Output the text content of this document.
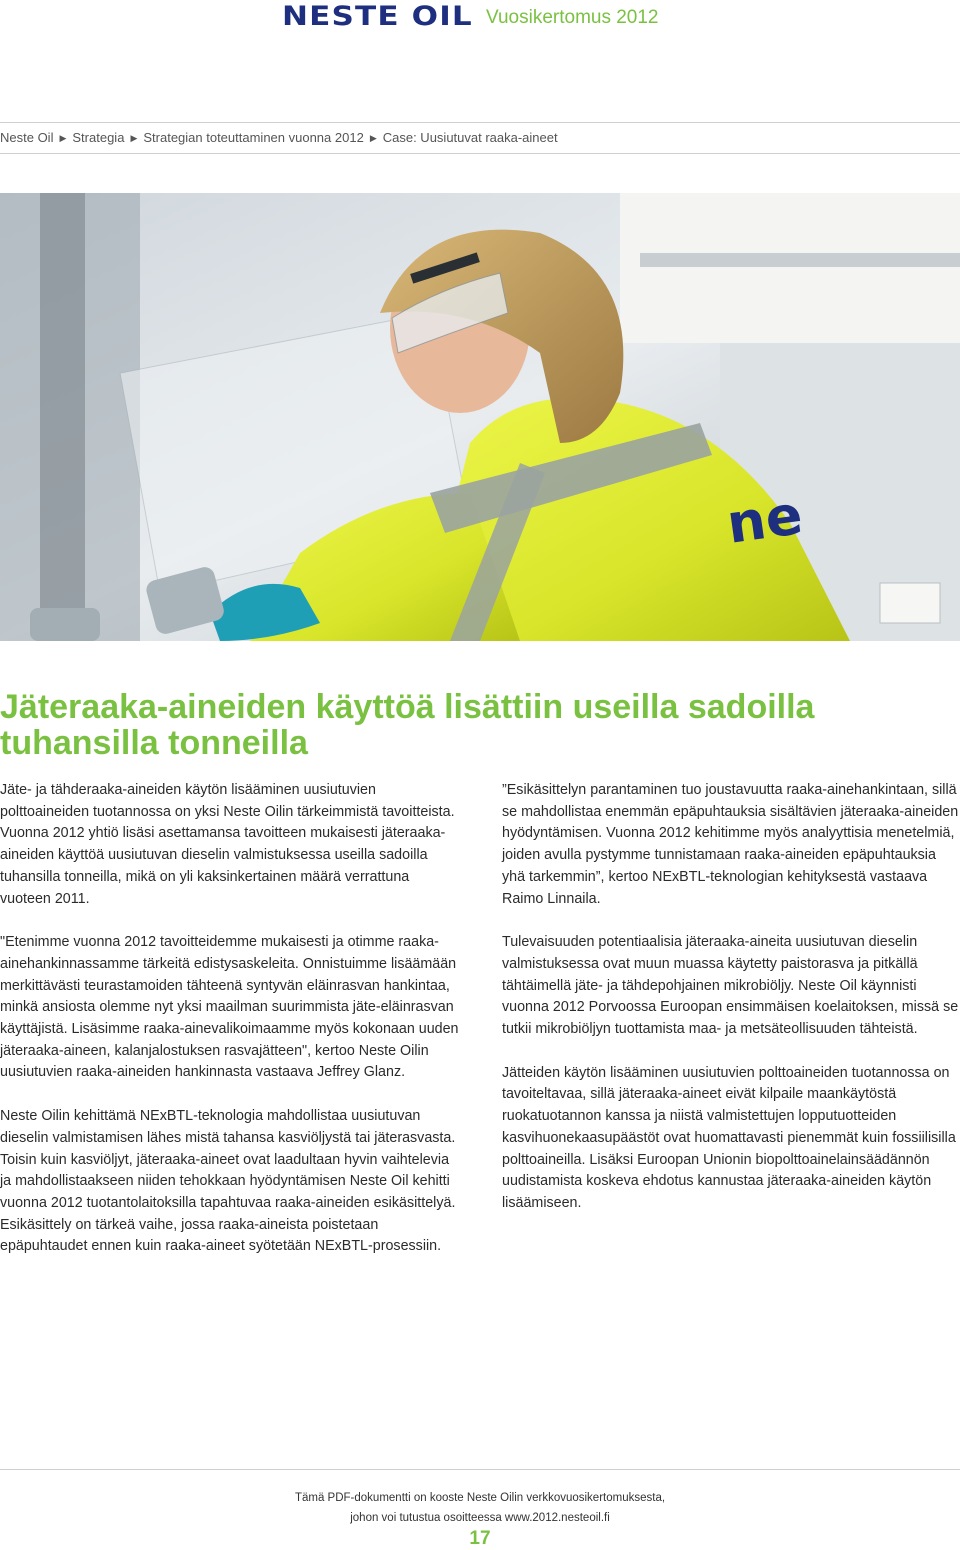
NESTE OIL Vuosikertomus 2012
Neste Oil ▶ Strategia ▶ Strategian toteuttaminen vuonna 2012 ▶ Case: Uusiutuvat raaka-aineet
ne
Jäteraaka-aineiden käyttöä lisättiin useilla sadoilla
tuhansilla tonneilla

Jäte- ja tähderaaka-aineiden käytön lisääminen uusiutuvien polttoaineiden tuotannossa on yksi Neste Oilin tärkeimmistä tavoitteista. Vuonna 2012 yhtiö lisäsi asettamansa tavoitteen mukaisesti jäteraaka-aineiden käyttöä uusiutuvan dieselin valmistuksessa useilla sadoilla tuhansilla tonneilla, mikä on yli kaksinkertainen määrä verrattuna vuoteen 2011.

"Etenimme vuonna 2012 tavoitteidemme mukaisesti ja otimme raaka-ainehankinnassamme tärkeitä edistysaskeleita. Onnistuimme lisäämään merkittävästi teurastamoiden tähteenä syntyvän eläinrasvan hankintaa, minkä ansiosta olemme nyt yksi maailman suurimmista jäte-eläinrasvan käyttäjistä. Lisäsimme raaka-ainevalikoimaamme myös kokonaan uuden jäteraaka-aineen, kalanjalostuksen rasvajätteen", kertoo Neste Oilin uusiutuvien raaka-aineiden hankinnasta vastaava Jeffrey Glanz.

Neste Oilin kehittämä NExBTL-teknologia mahdollistaa uusiutuvan dieselin valmistamisen lähes mistä tahansa kasviöljystä tai jäterasvasta. Toisin kuin kasviöljyt, jäteraaka-aineet ovat laadultaan hyvin vaihtelevia ja mahdollistaakseen niiden tehokkaan hyödyntämisen Neste Oil kehitti vuonna 2012 tuotantolaitoksilla tapahtuvaa raaka-aineiden esikäsittelyä. Esikäsittely on tärkeä vaihe, jossa raaka-aineista poistetaan epäpuhtaudet ennen kuin raaka-aineet syötetään NExBTL-prosessiin.

”Esikäsittelyn parantaminen tuo joustavuutta raaka-ainehankintaan, sillä se mahdollistaa enemmän epäpuhtauksia sisältävien jäteraaka-aineiden hyödyntämisen. Vuonna 2012 kehitimme myös analyyttisia menetelmiä, joiden avulla pystymme tunnistamaan raaka-aineiden epäpuhtauksia yhä tarkemmin”, kertoo NExBTL-teknologian kehityksestä vastaava Raimo Linnaila.

Tulevaisuuden potentiaalisia jäteraaka-aineita uusiutuvan dieselin valmistuksessa ovat muun muassa käytetty paistorasva ja pitkällä tähtäimellä jäte- ja tähdepohjainen mikrobiöljy. Neste Oil käynnisti vuonna 2012 Porvoossa Euroopan ensimmäisen koelaitoksen, missä se tutkii mikrobiöljyn tuottamista maa- ja metsäteollisuuden tähteistä.

Jätteiden käytön lisääminen uusiutuvien polttoaineiden tuotannossa on tavoiteltavaa, sillä jäteraaka-aineet eivät kilpaile maankäytöstä ruokatuotannon kanssa ja niistä valmistettujen lopputuotteiden kasvihuonekaasupäästöt ovat huomattavasti pienemmät kuin fossiilisilla polttoaineilla. Lisäksi Euroopan Unionin biopolttoainelainsäädännön uudistamista koskeva ehdotus kannustaa jäteraaka-aineiden käytön lisäämiseen.

Tämä PDF-dokumentti on kooste Neste Oilin verkkovuosikertomuksesta,
johon voi tutustua osoitteessa www.2012.nesteoil.fi
17
